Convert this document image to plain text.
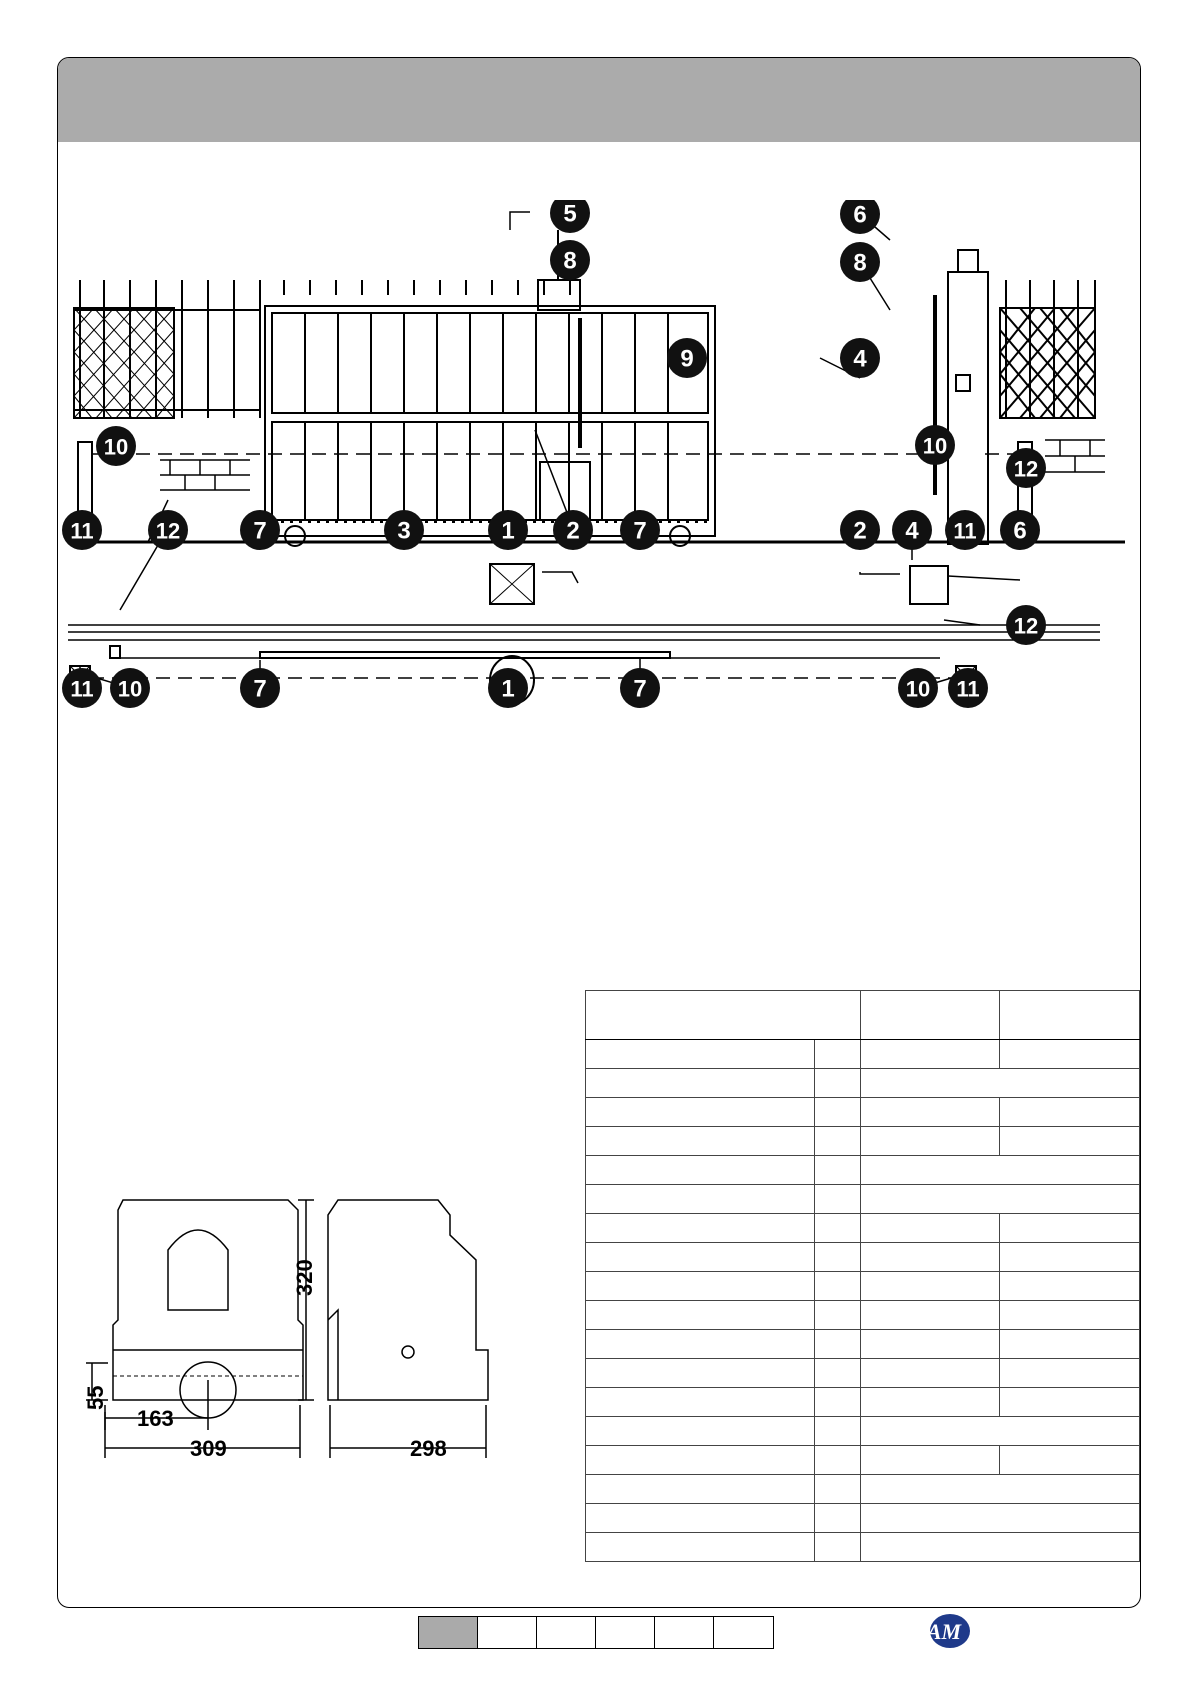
5
8
9
10
11	12	7	3	1 2 7
6
8
4
10
12
2 4 11 6
12
11 10	7	1	7	10 11
320
55
163
309	298

AM
